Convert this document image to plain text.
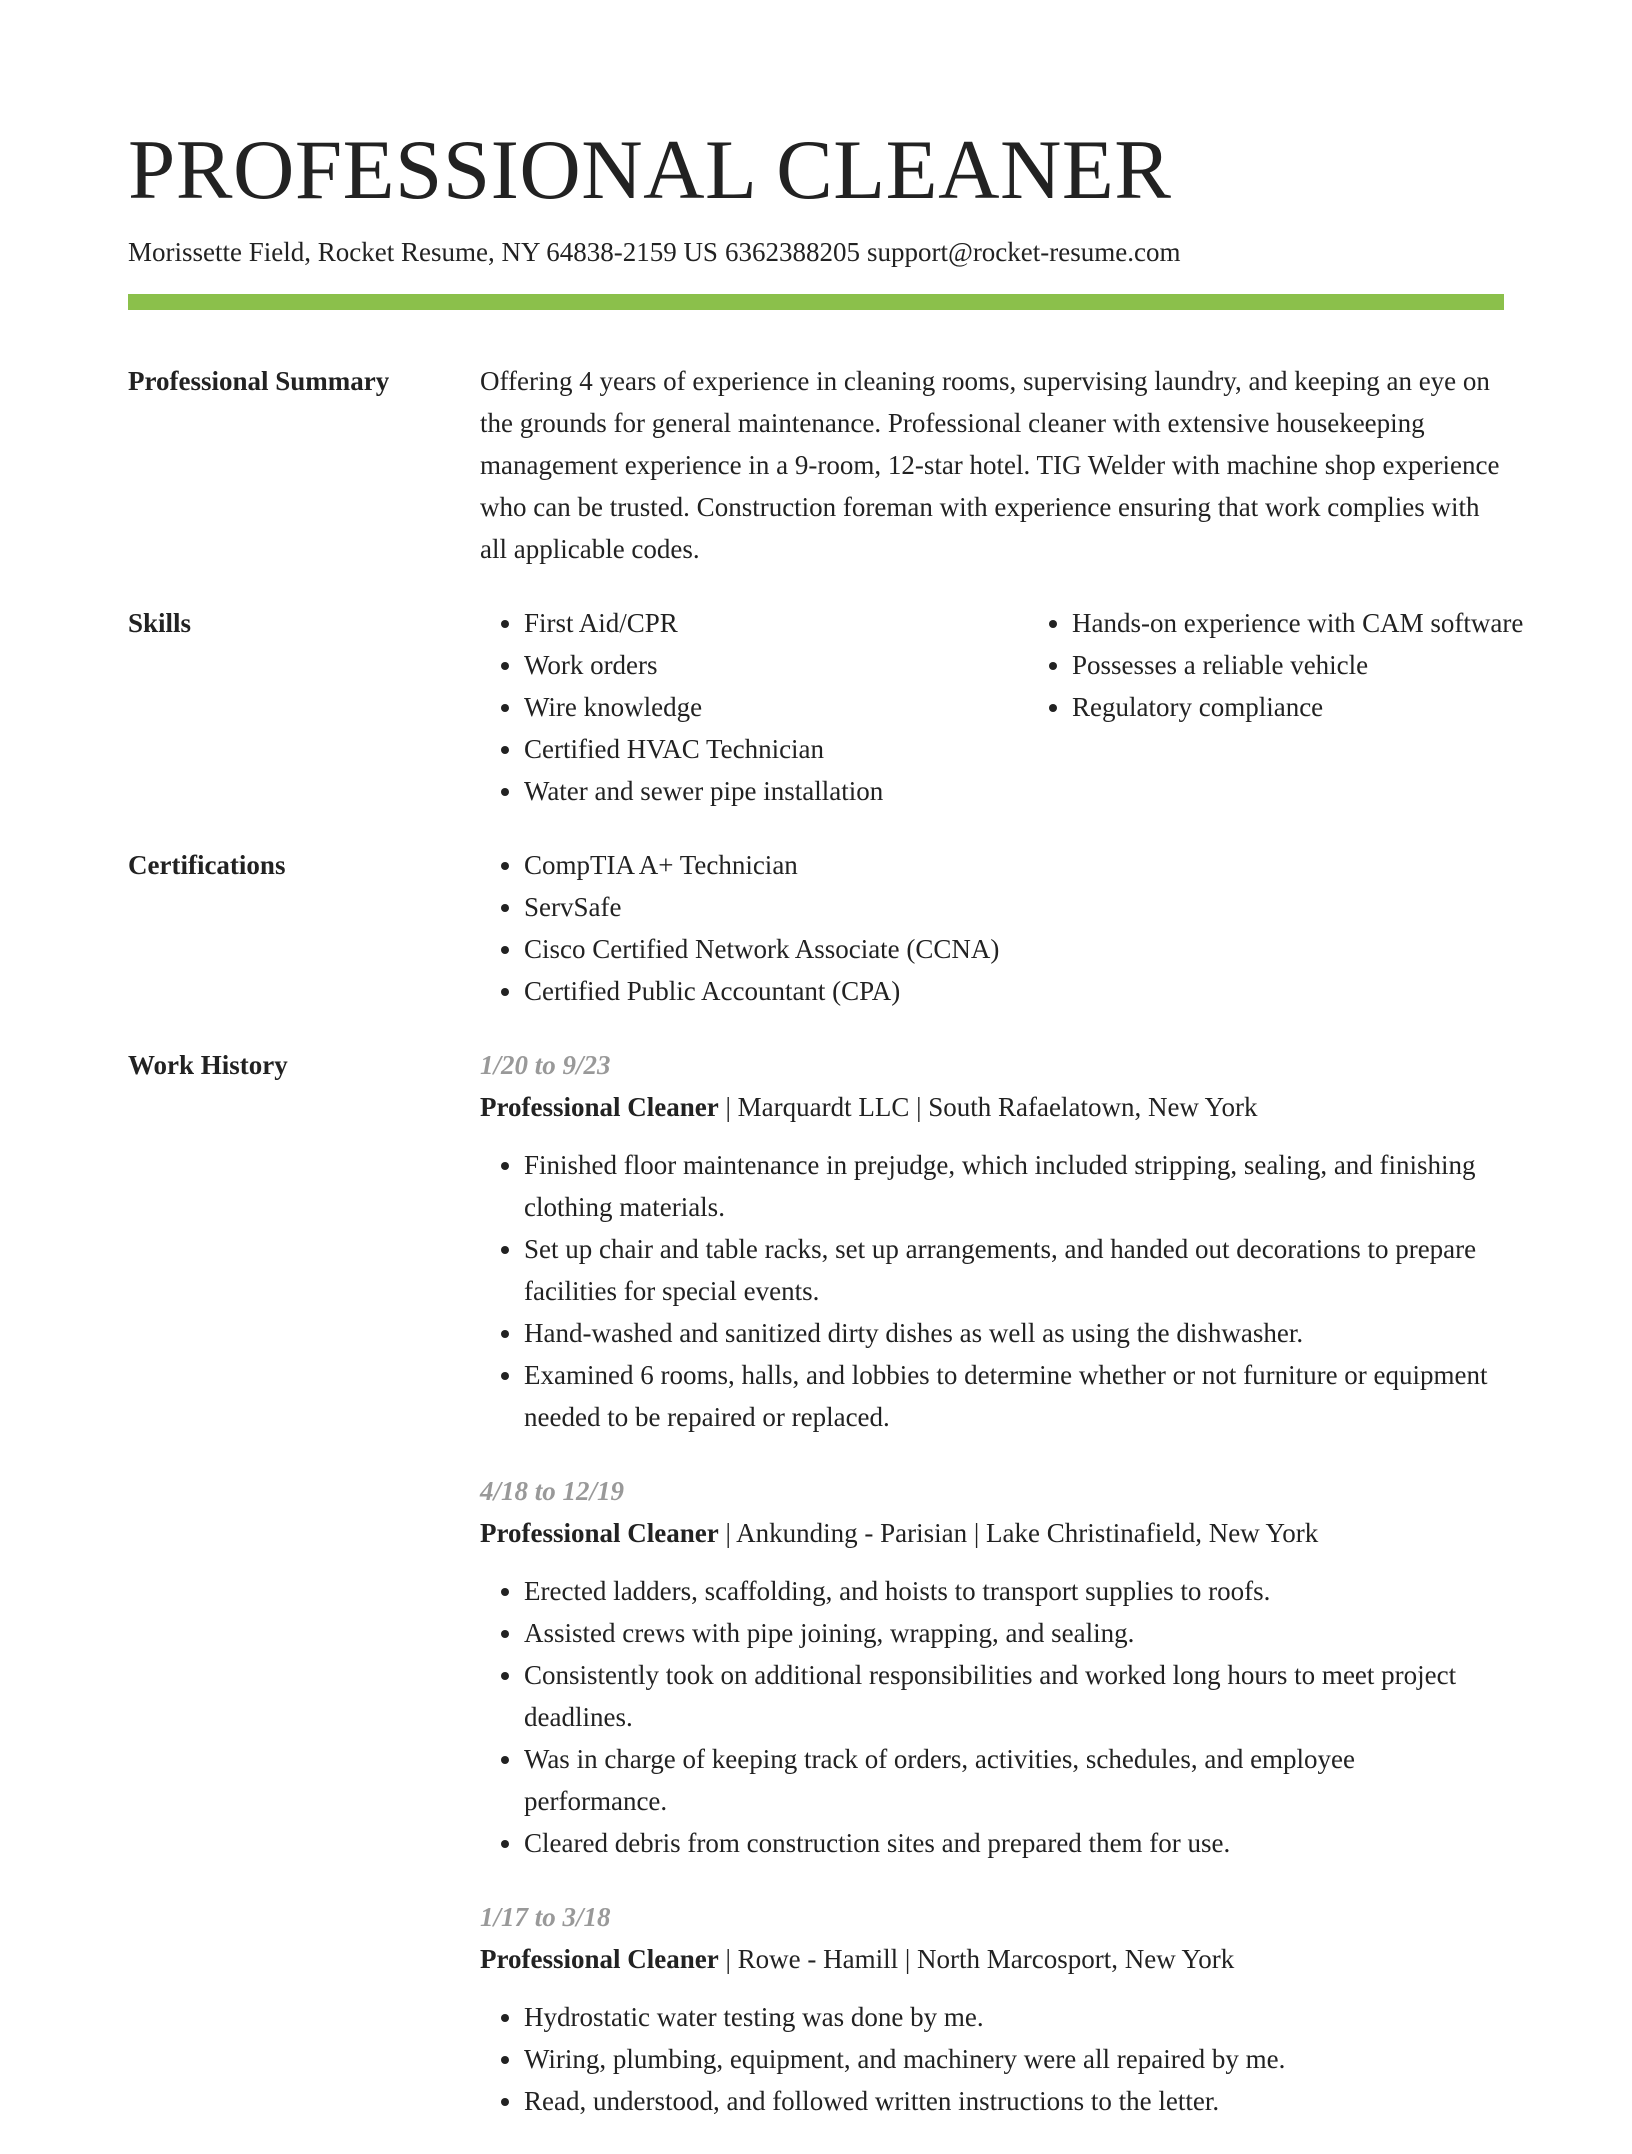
PROFESSIONAL CLEANER
Morissette Field, Rocket Resume, NY 64838-2159 US 6362388205 support@rocket-resume.com
Professional Summary	Offering 4 years of experience in cleaning rooms, supervising laundry, and keeping an eye on the grounds for general maintenance. Professional cleaner with extensive housekeeping management experience in a 9-room, 12-star hotel. TIG Welder with machine shop experience who can be trusted. Construction foreman with experience ensuring that work complies with all applicable codes.
Skills	• First Aid/CPR
• Work orders
• Wire knowledge
• Certified HVAC Technician
• Water and sewer pipe installation
• Hands-on experience with CAM software
• Possesses a reliable vehicle
• Regulatory compliance
Certifications	• CompTIA A+ Technician
• ServSafe
• Cisco Certified Network Associate (CCNA)
• Certified Public Accountant (CPA)
Work History	1/20 to 9/23
Professional Cleaner | Marquardt LLC | South Rafaelatown, New York
• Finished floor maintenance in prejudge, which included stripping, sealing, and finishing clothing materials.
• Set up chair and table racks, set up arrangements, and handed out decorations to prepare facilities for special events.
• Hand-washed and sanitized dirty dishes as well as using the dishwasher.
• Examined 6 rooms, halls, and lobbies to determine whether or not furniture or equipment needed to be repaired or replaced.
4/18 to 12/19
Professional Cleaner | Ankunding - Parisian | Lake Christinafield, New York
• Erected ladders, scaffolding, and hoists to transport supplies to roofs.
• Assisted crews with pipe joining, wrapping, and sealing.
• Consistently took on additional responsibilities and worked long hours to meet project deadlines.
• Was in charge of keeping track of orders, activities, schedules, and employee performance.
• Cleared debris from construction sites and prepared them for use.
1/17 to 3/18
Professional Cleaner | Rowe - Hamill | North Marcosport, New York
• Hydrostatic water testing was done by me.
• Wiring, plumbing, equipment, and machinery were all repaired by me.
• Read, understood, and followed written instructions to the letter.
